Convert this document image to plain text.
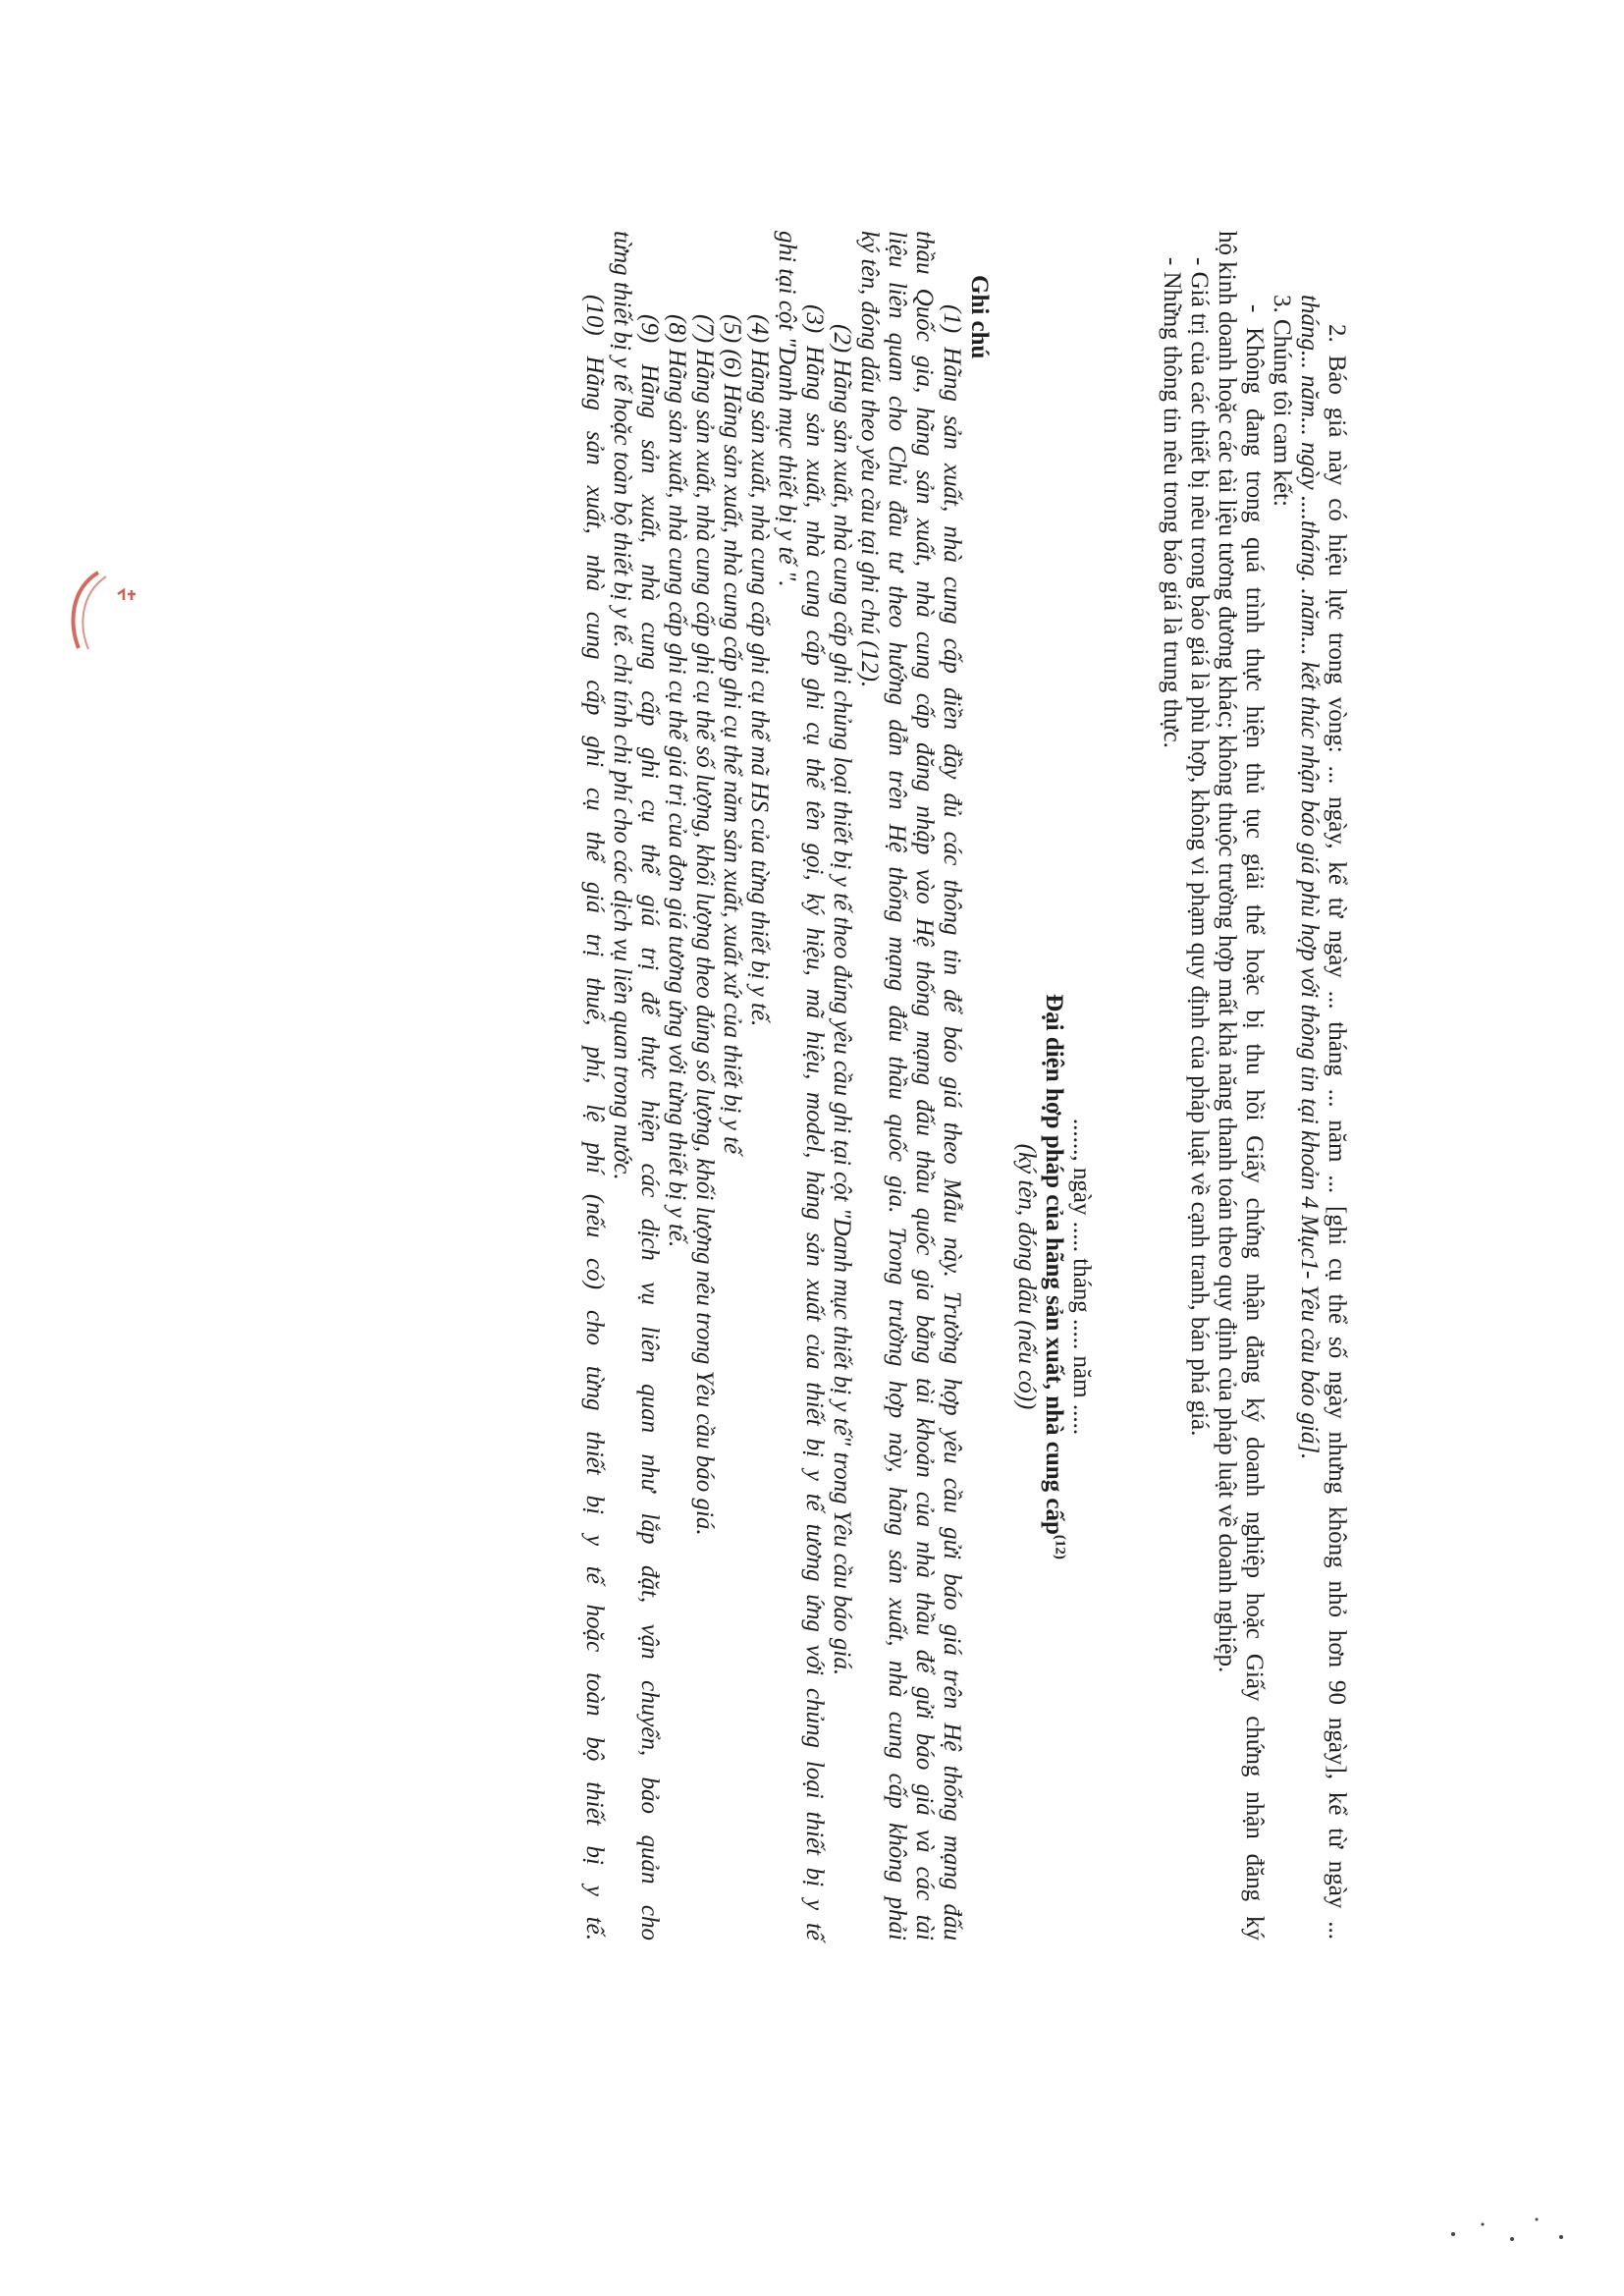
2. Báo giá này có hiệu lực trong vòng: ... ngày, kể từ ngày ... tháng ... năm ... [ghi cụ thể số ngày nhưng không nhỏ hơn 90 ngày], kể từ ngày ...
tháng... năm... ngày ....tháng. .năm... kết thúc nhận báo giá phù hợp với thông tin tại khoản 4 Mục1- Yêu cầu báo giá].
3. Chúng tôi cam kết:
- Không đang trong quá trình thực hiện thủ tục giải thể hoặc bị thu hồi Giấy chứng nhận đăng ký doanh nghiệp hoặc Giấy chứng nhận đăng ký
hộ kinh doanh hoặc các tài liệu tương đương khác; không thuộc trường hợp mất khả năng thanh toán theo quy định của pháp luật về doanh nghiệp.
- Giá trị của các thiết bị nêu trong báo giá là phù hợp, không vi phạm quy định của pháp luật về cạnh tranh, bán phá giá.
- Những thông tin nêu trong báo giá là trung thực.
......, ngày ..... tháng ..... năm .....
Đại diện hợp pháp của hãng sản xuất, nhà cung cấp$^{(12)}$
(ký tên, đóng dấu (nếu có))
Ghi chú
(1) Hãng sản xuất, nhà cung cấp điền đầy đủ các thông tin để báo giá theo Mẫu này. Trường hợp yêu cầu gửi báo giá trên Hệ thống mạng đấu
thầu Quốc gia, hãng sản xuất, nhà cung cấp đăng nhập vào Hệ thống mạng đấu thầu quốc gia bằng tài khoản của nhà thầu để gửi báo giá và các tài
liệu liên quan cho Chủ đầu tư theo hướng dẫn trên Hệ thống mạng đấu thầu quốc gia. Trong trường hợp này, hãng sản xuất, nhà cung cấp không phải
ký tên, đóng dấu theo yêu cầu tại ghi chú (12).
(2) Hãng sản xuất, nhà cung cấp ghi chủng loại thiết bị y tế theo đúng yêu cầu ghi tại cột "Danh mục thiết bị y tế" trong Yêu cầu báo giá.
(3) Hãng sản xuất, nhà cung cấp ghi cụ thể tên gọi, ký hiệu, mã hiệu, model, hãng sản xuất của thiết bị y tế tương ứng với chủng loại thiết bị y tế
ghi tại cột "Danh mục thiết bị y tế ".
(4) Hãng sản xuất, nhà cung cấp ghi cụ thể mã HS của từng thiết bị y tế.
(5) (6) Hãng sản xuất, nhà cung cấp ghi cụ thể năm sản xuất, xuất xứ của thiết bị y tế
(7) Hãng sản xuất, nhà cung cấp ghi cụ thể số lượng, khối lượng theo đúng số lượng, khối lượng nêu trong Yêu cầu báo giá.
(8) Hãng sản xuất, nhà cung cấp ghi cụ thể giá trị của đơn giá tương ứng với từng thiết bị y tế.
(9) Hãng sản xuất, nhà cung cấp ghi cụ thể giá trị để thực hiện các dịch vụ liên quan như lắp đặt, vận chuyển, bảo quản cho
từng thiết bị y tế hoặc toàn bộ thiết bị y tế. chỉ tính chi phí cho các dịch vụ liên quan trong nước.
(10) Hãng sản xuất, nhà cung cấp ghi cụ thể giá trị thuế, phí, lệ phí (nếu có) cho từng thiết bị y tế hoặc toàn bộ thiết bị y tế.
